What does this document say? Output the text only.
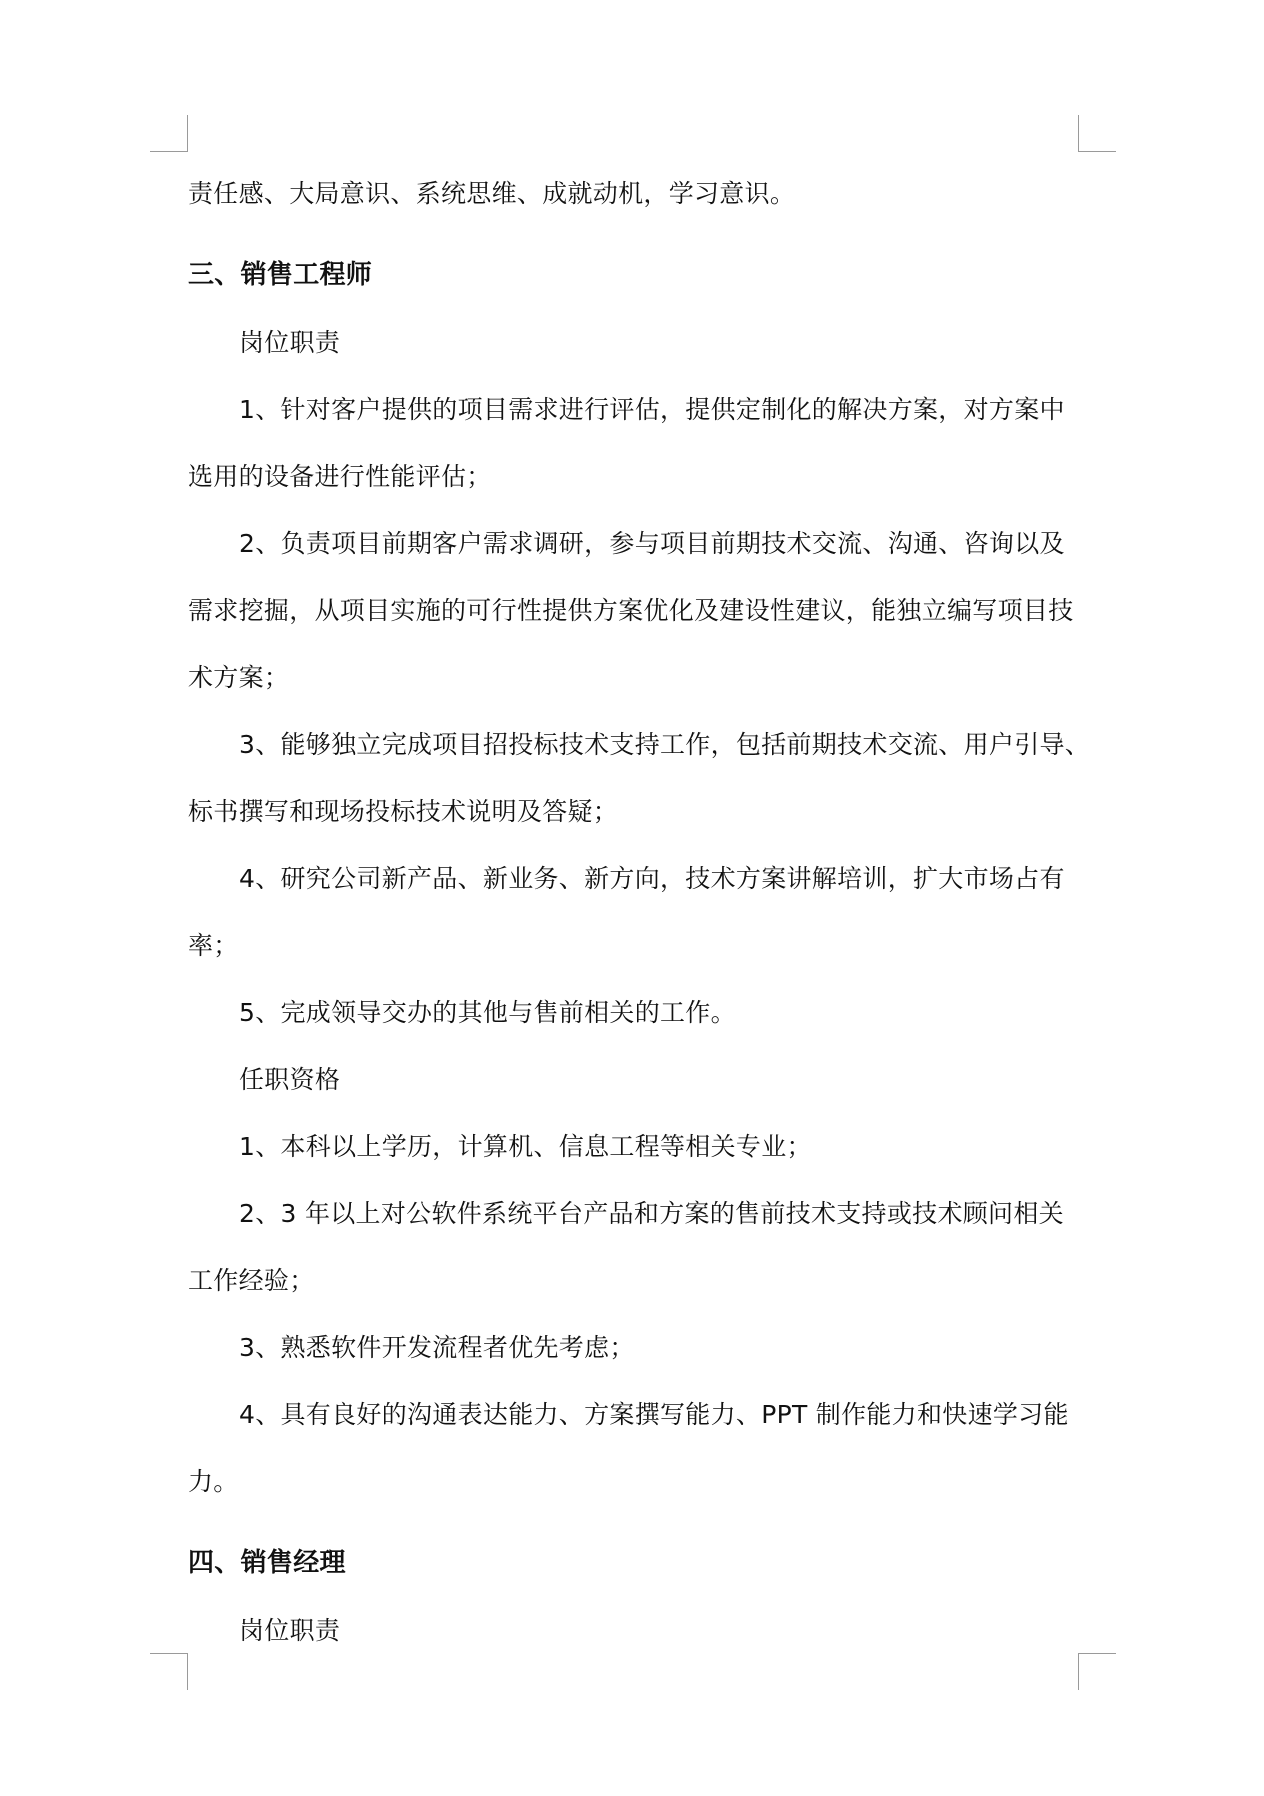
责任感、大局意识、系统思维、成就动机，学习意识。
三、销售工程师
岗位职责
1、针对客户提供的项目需求进行评估，提供定制化的解决方案，对方案中
选用的设备进行性能评估；
2、负责项目前期客户需求调研，参与项目前期技术交流、沟通、咨询以及
需求挖掘，从项目实施的可行性提供方案优化及建设性建议，能独立编写项目技
术方案；
3、能够独立完成项目招投标技术支持工作，包括前期技术交流、用户引导、
标书撰写和现场投标技术说明及答疑；
4、研究公司新产品、新业务、新方向，技术方案讲解培训，扩大市场占有
率；
5、完成领导交办的其他与售前相关的工作。
任职资格
1、本科以上学历，计算机、信息工程等相关专业；
2、3 年以上对公软件系统平台产品和方案的售前技术支持或技术顾问相关
工作经验；
3、熟悉软件开发流程者优先考虑；
4、具有良好的沟通表达能力、方案撰写能力、PPT 制作能力和快速学习能
力。
四、销售经理
岗位职责
